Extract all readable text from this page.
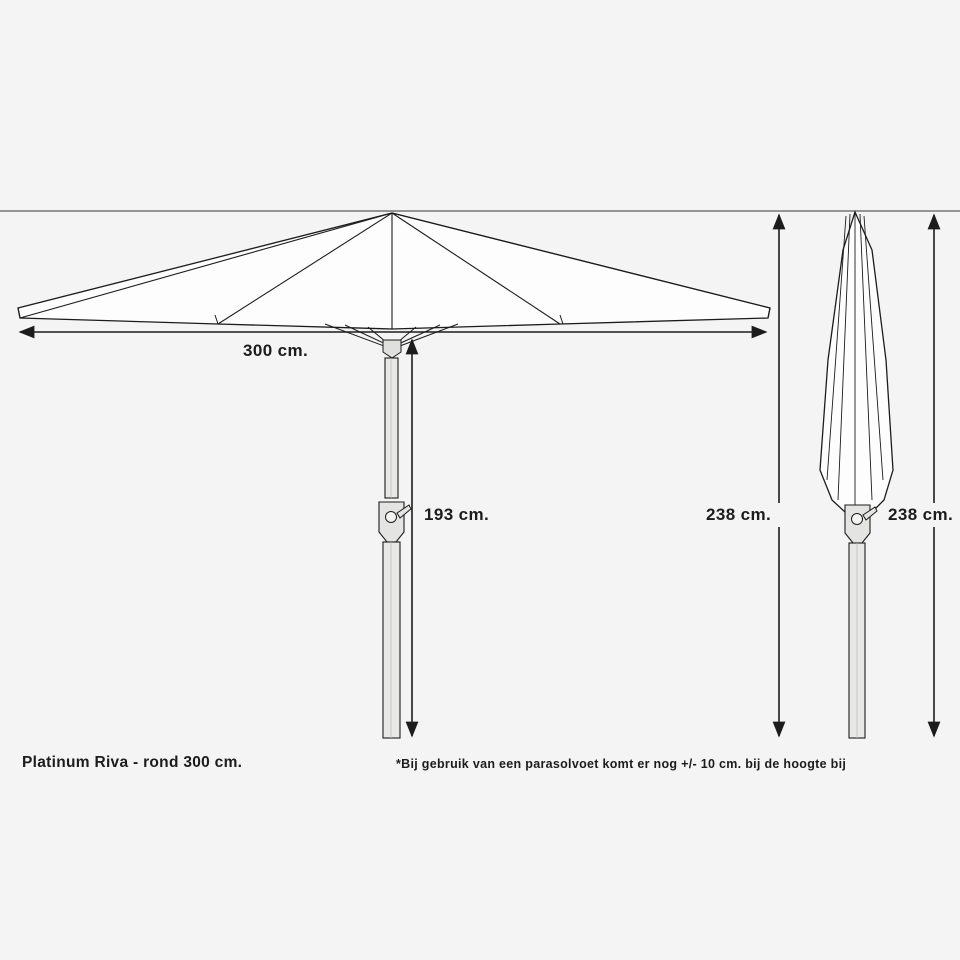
300 cm.
193 cm.	238 cm.	238 cm.
Platinum Riva - rond 300 cm.	*Bij gebruik van een parasolvoet komt er nog +/- 10 cm. bij de hoogte bij
